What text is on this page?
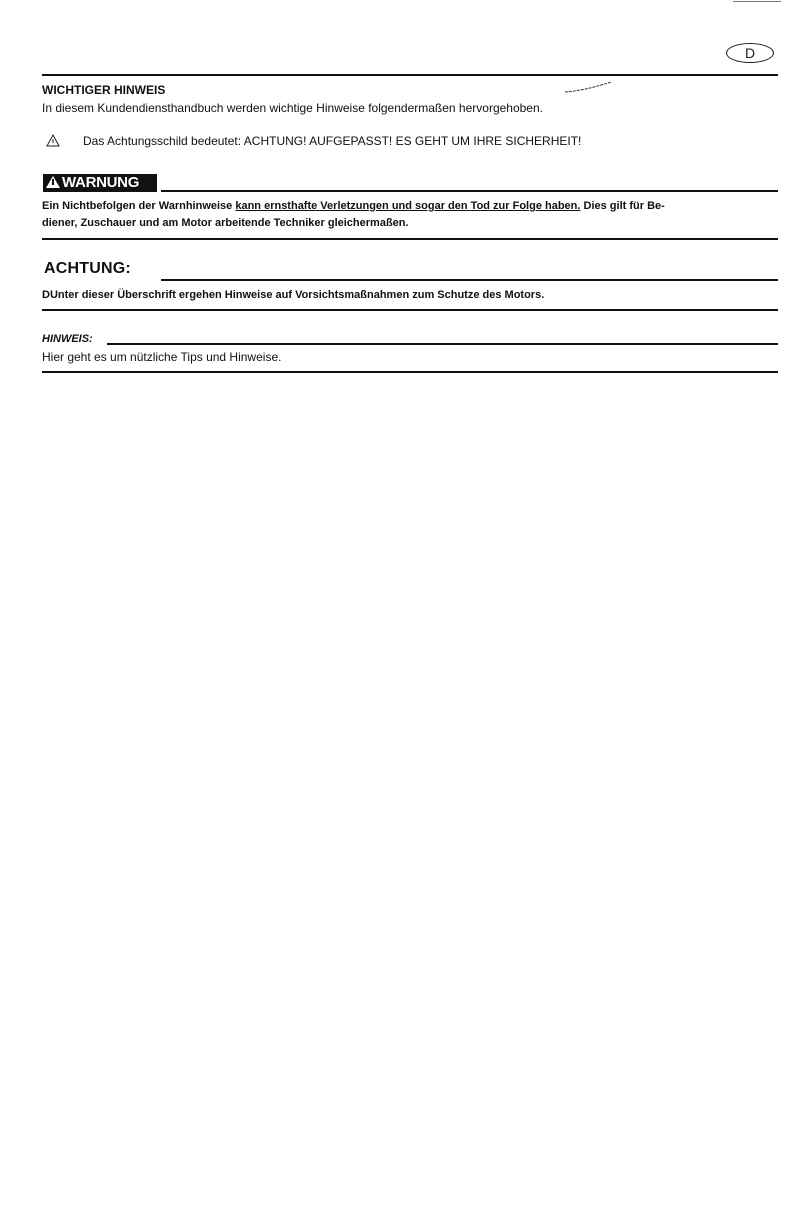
D
WICHTIGER HINWEIS
In diesem Kundendiensthandbuch werden wichtige Hinweise folgendermaßen hervorgehoben.
Das Achtungsschild bedeutet: ACHTUNG! AUFGEPASST! ES GEHT UM IHRE SICHERHEIT!
WARNUNG
Ein Nichtbefolgen der Warnhinweise kann ernsthafte Verletzungen und sogar den Tod zur Folge haben. Dies gilt für Be-
diener, Zuschauer und am Motor arbeitende Techniker gleichermaßen.
ACHTUNG:
DUnter dieser Überschrift ergehen Hinweise auf Vorsichtsmaßnahmen zum Schutze des Motors.
HINWEIS:
Hier geht es um nützliche Tips und Hinweise.
